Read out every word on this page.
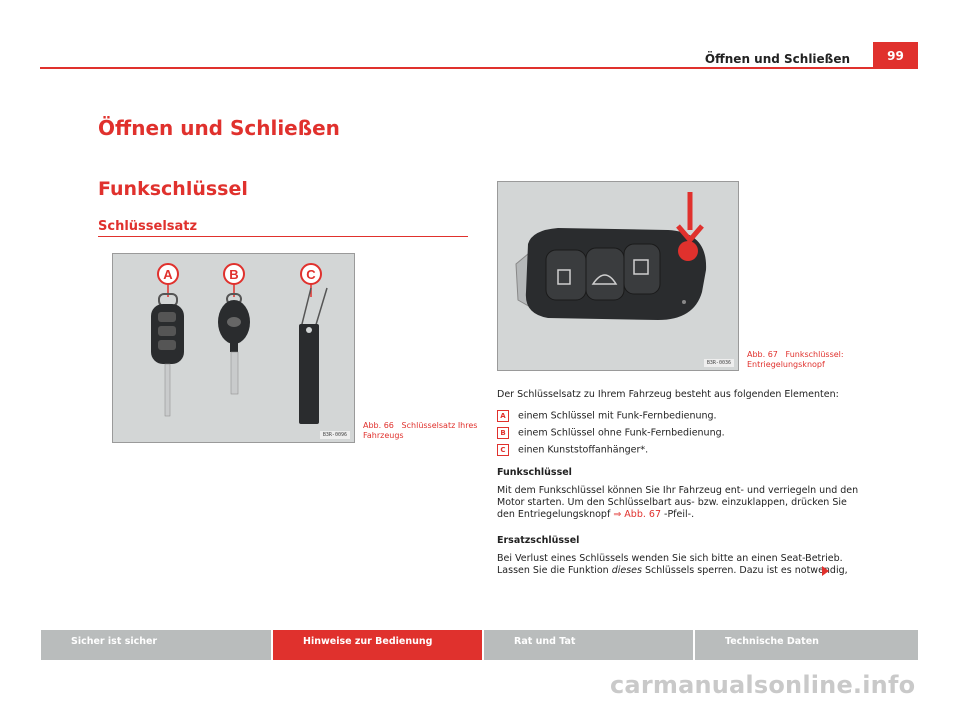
Öffnen und Schließen	99
Öffnen und Schließen
Funkschlüssel
Schlüsselsatz
A	B	C
B3R-0096
Abb. 66 Schlüsselsatz Ihres Fahrzeugs
B3R-0036
Abb. 67 Funkschlüssel: Entriegelungsknopf
Der Schlüsselsatz zu Ihrem Fahrzeug besteht aus folgenden Elementen:
A einem Schlüssel mit Funk-Fernbedienung.
B einem Schlüssel ohne Funk-Fernbedienung.
C einen Kunststoffanhänger*.
Funkschlüssel
Mit dem Funkschlüssel können Sie Ihr Fahrzeug ent- und verriegeln und den Motor starten. Um den Schlüsselbart aus- bzw. einzuklappen, drücken Sie den Entriegelungsknopf ⇒ Abb. 67 -Pfeil-.
Ersatzschlüssel
Bei Verlust eines Schlüssels wenden Sie sich bitte an einen Seat-Betrieb. Lassen Sie die Funktion dieses Schlüssels sperren. Dazu ist es notwendig,
Sicher ist sicher	Hinweise zur Bedienung	Rat und Tat	Technische Daten
carmanualsonline.info
